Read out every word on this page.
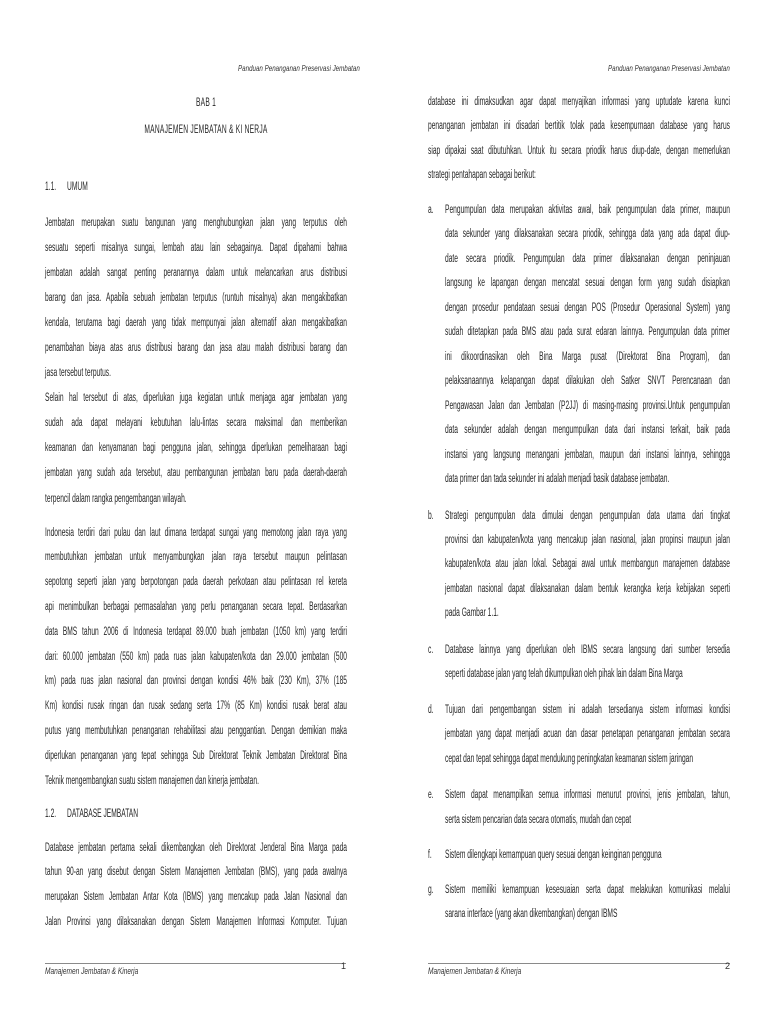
Panduan Penanganan Preservasi Jembatan
BAB 1
MANAJEMEN JEMBATAN & KI NERJA
1.1. UMUM
Jembatan merupakan suatu bangunan yang menghubungkan jalan yang terputus oleh
sesuatu seperti misalnya sungai, lembah atau lain sebagainya. Dapat dipahami bahwa
jembatan adalah sangat penting peranannya dalam untuk melancarkan arus distribusi
barang dan jasa. Apabila sebuah jembatan terputus (runtuh misalnya) akan mengakibatkan
kendala, terutama bagi daerah yang tidak mempunyai jalan alternatif akan mengakibatkan
penambahan biaya atas arus distribusi barang dan jasa atau malah distribusi barang dan
jasa tersebut terputus.
Selain hal tersebut di atas, diperlukan juga kegiatan untuk menjaga agar jembatan yang
sudah ada dapat melayani kebutuhan lalu-lintas secara maksimal dan memberikan
keamanan dan kenyamanan bagi pengguna jalan, sehingga diperlukan pemeliharaan bagi
jembatan yang sudah ada tersebut, atau pembangunan jembatan baru pada daerah-daerah
terpencil dalam rangka pengembangan wilayah.
Indonesia terdiri dari pulau dan laut dimana terdapat sungai yang memotong jalan raya yang
membutuhkan jembatan untuk menyambungkan jalan raya tersebut maupun pelintasan
sepotong seperti jalan yang berpotongan pada daerah perkotaan atau pelintasan rel kereta
api menimbulkan berbagai permasalahan yang perlu penanganan secara tepat. Berdasarkan
data BMS tahun 2006 di Indonesia terdapat 89.000 buah jembatan (1050 km) yang terdiri
dari: 60.000 jembatan (550 km) pada ruas jalan kabupaten/kota dan 29.000 jembatan (500
km) pada ruas jalan nasional dan provinsi dengan kondisi 46% baik (230 Km), 37% (185
Km) kondisi rusak ringan dan rusak sedang serta 17% (85 Km) kondisi rusak berat atau
putus yang membutuhkan penanganan rehabilitasi atau penggantian. Dengan demikian maka
diperlukan penanganan yang tepat sehingga Sub Direktorat Teknik Jembatan Direktorat Bina
Teknik mengembangkan suatu sistem manajemen dan kinerja jembatan.
1.2. DATABASE JEMBATAN
Database jembatan pertama sekali dikembangkan oleh Direktorat Jenderal Bina Marga pada
tahun 90-an yang disebut dengan Sistem Manajemen Jembatan (BMS), yang pada awalnya
merupakan Sistem Jembatan Antar Kota (IBMS) yang mencakup pada Jalan Nasional dan
Jalan Provinsi yang dilaksanakan dengan Sistem Manajemen Informasi Komputer. Tujuan
Manajemen Jembatan & Kinerja	1
Panduan Penanganan Preservasi Jembatan
database ini dimaksudkan agar dapat menyajikan informasi yang uptudate karena kunci
penanganan jembatan ini disadari bertitik tolak pada kesempurnaan database yang harus
siap dipakai saat dibutuhkan. Untuk itu secara priodik harus diup-date, dengan memerlukan
strategi pentahapan sebagai berikut:
a. Pengumpulan data merupakan aktivitas awal, baik pengumpulan data primer, maupun
data sekunder yang dilaksanakan secara priodik, sehingga data yang ada dapat diup-
date secara priodik. Pengumpulan data primer dilaksanakan dengan peninjauan
langsung ke lapangan dengan mencatat sesuai dengan form yang sudah disiapkan
dengan prosedur pendataan sesuai dengan POS (Prosedur Operasional System) yang
sudah ditetapkan pada BMS atau pada surat edaran lainnya. Pengumpulan data primer
ini dikoordinasikan oleh Bina Marga pusat (Direktorat Bina Program), dan
pelaksanaannya kelapangan dapat dilakukan oleh Satker SNVT Perencanaan dan
Pengawasan Jalan dan Jembatan (P2JJ) di masing-masing provinsi.Untuk pengumpulan
data sekunder adalah dengan mengumpulkan data dari instansi terkait, baik pada
instansi yang langsung menangani jembatan, maupun dari instansi lainnya, sehingga
data primer dan tada sekunder ini adalah menjadi basik database jembatan.
b. Strategi pengumpulan data dimulai dengan pengumpulan data utama dari tingkat
provinsi dan kabupaten/kota yang mencakup jalan nasional, jalan propinsi maupun jalan
kabupaten/kota atau jalan lokal. Sebagai awal untuk membangun manajemen database
jembatan nasional dapat dilaksanakan dalam bentuk kerangka kerja kebijakan seperti
pada Gambar 1.1.
c. Database lainnya yang diperlukan oleh IBMS secara langsung dari sumber tersedia
seperti database jalan yang telah dikumpulkan oleh pihak lain dalam Bina Marga
d. Tujuan dari pengembangan sistem ini adalah tersedianya sistem informasi kondisi
jembatan yang dapat menjadi acuan dan dasar penetapan penanganan jembatan secara
cepat dan tepat sehingga dapat mendukung peningkatan keamanan sistem jaringan
e. Sistem dapat menampilkan semua informasi menurut provinsi, jenis jembatan, tahun,
serta sistem pencarian data secara otomatis, mudah dan cepat
f. Sistem dilengkapi kemampuan query sesuai dengan keinginan pengguna
g. Sistem memiliki kemampuan kesesuaian serta dapat melakukan komunikasi melalui
sarana interface (yang akan dikembangkan) dengan IBMS
Manajemen Jembatan & Kinerja	2
